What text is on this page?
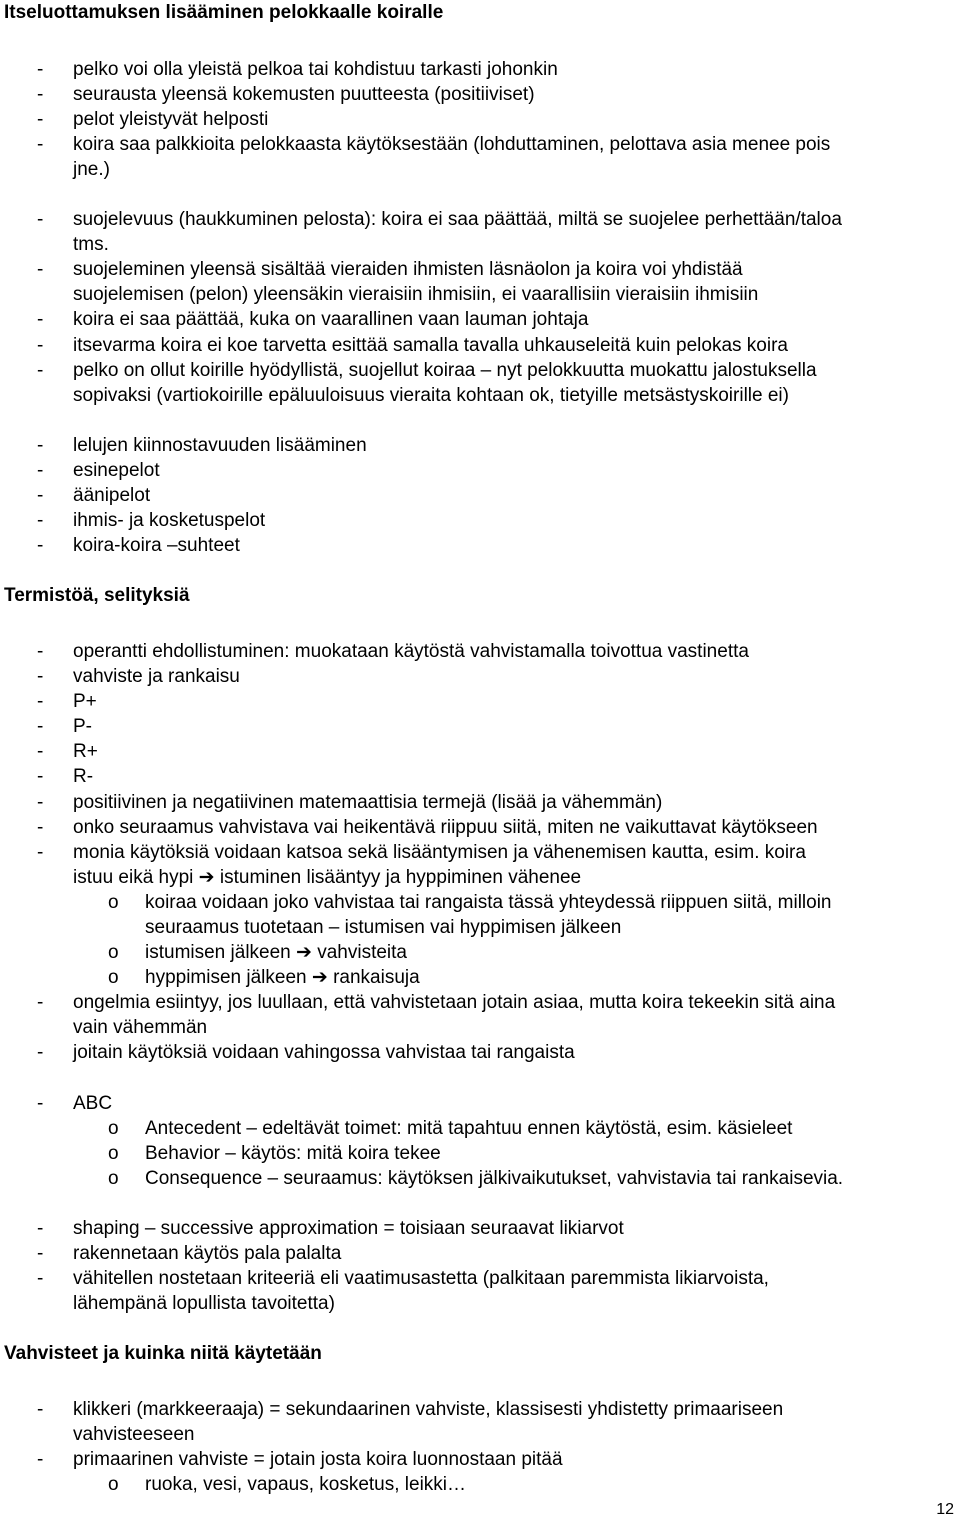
Itseluottamuksen lisääminen pelokkaalle koiralle
- pelko voi olla yleistä pelkoa tai kohdistuu tarkasti johonkin
- seurausta yleensä kokemusten puutteesta (positiiviset)
- pelot yleistyvät helposti
- koira saa palkkioita pelokkaasta käytöksestään (lohduttaminen, pelottava asia menee pois
jne.)
- suojelevuus (haukkuminen pelosta): koira ei saa päättää, miltä se suojelee perhettään/taloa
tms.
- suojeleminen yleensä sisältää vieraiden ihmisten läsnäolon ja koira voi yhdistää
suojelemisen (pelon) yleensäkin vieraisiin ihmisiin, ei vaarallisiin vieraisiin ihmisiin
- koira ei saa päättää, kuka on vaarallinen vaan lauman johtaja
- itsevarma koira ei koe tarvetta esittää samalla tavalla uhkauseleitä kuin pelokas koira
- pelko on ollut koirille hyödyllistä, suojellut koiraa – nyt pelokkuutta muokattu jalostuksella
sopivaksi (vartiokoirille epäluuloisuus vieraita kohtaan ok, tietyille metsästyskoirille ei)
- lelujen kiinnostavuuden lisääminen
- esinepelot
- äänipelot
- ihmis- ja kosketuspelot
- koira-koira –suhteet
Termistöä, selityksiä
- operantti ehdollistuminen: muokataan käytöstä vahvistamalla toivottua vastinetta
- vahviste ja rankaisu
- P+
- P-
- R+
- R-
- positiivinen ja negatiivinen matemaattisia termejä (lisää ja vähemmän)
- onko seuraamus vahvistava vai heikentävä riippuu siitä, miten ne vaikuttavat käytökseen
- monia käytöksiä voidaan katsoa sekä lisääntymisen ja vähenemisen kautta, esim. koira
istuu eikä hypi ➔ istuminen lisääntyy ja hyppiminen vähenee
o koiraa voidaan joko vahvistaa tai rangaista tässä yhteydessä riippuen siitä, milloin
seuraamus tuotetaan – istumisen vai hyppimisen jälkeen
o istumisen jälkeen ➔ vahvisteita
o hyppimisen jälkeen ➔ rankaisuja
- ongelmia esiintyy, jos luullaan, että vahvistetaan jotain asiaa, mutta koira tekeekin sitä aina
vain vähemmän
- joitain käytöksiä voidaan vahingossa vahvistaa tai rangaista
- ABC
o Antecedent – edeltävät toimet: mitä tapahtuu ennen käytöstä, esim. käsieleet
o Behavior – käytös: mitä koira tekee
o Consequence – seuraamus: käytöksen jälkivaikutukset, vahvistavia tai rankaisevia.
- shaping – successive approximation = toisiaan seuraavat likiarvot
- rakennetaan käytös pala palalta
- vähitellen nostetaan kriteeriä eli vaatimusastetta (palkitaan paremmista likiarvoista,
lähempänä lopullista tavoitetta)
Vahvisteet ja kuinka niitä käytetään
- klikkeri (markkeeraaja) = sekundaarinen vahviste, klassisesti yhdistetty primaariseen
vahvisteeseen
- primaarinen vahviste = jotain josta koira luonnostaan pitää
o ruoka, vesi, vapaus, kosketus, leikki…
12
